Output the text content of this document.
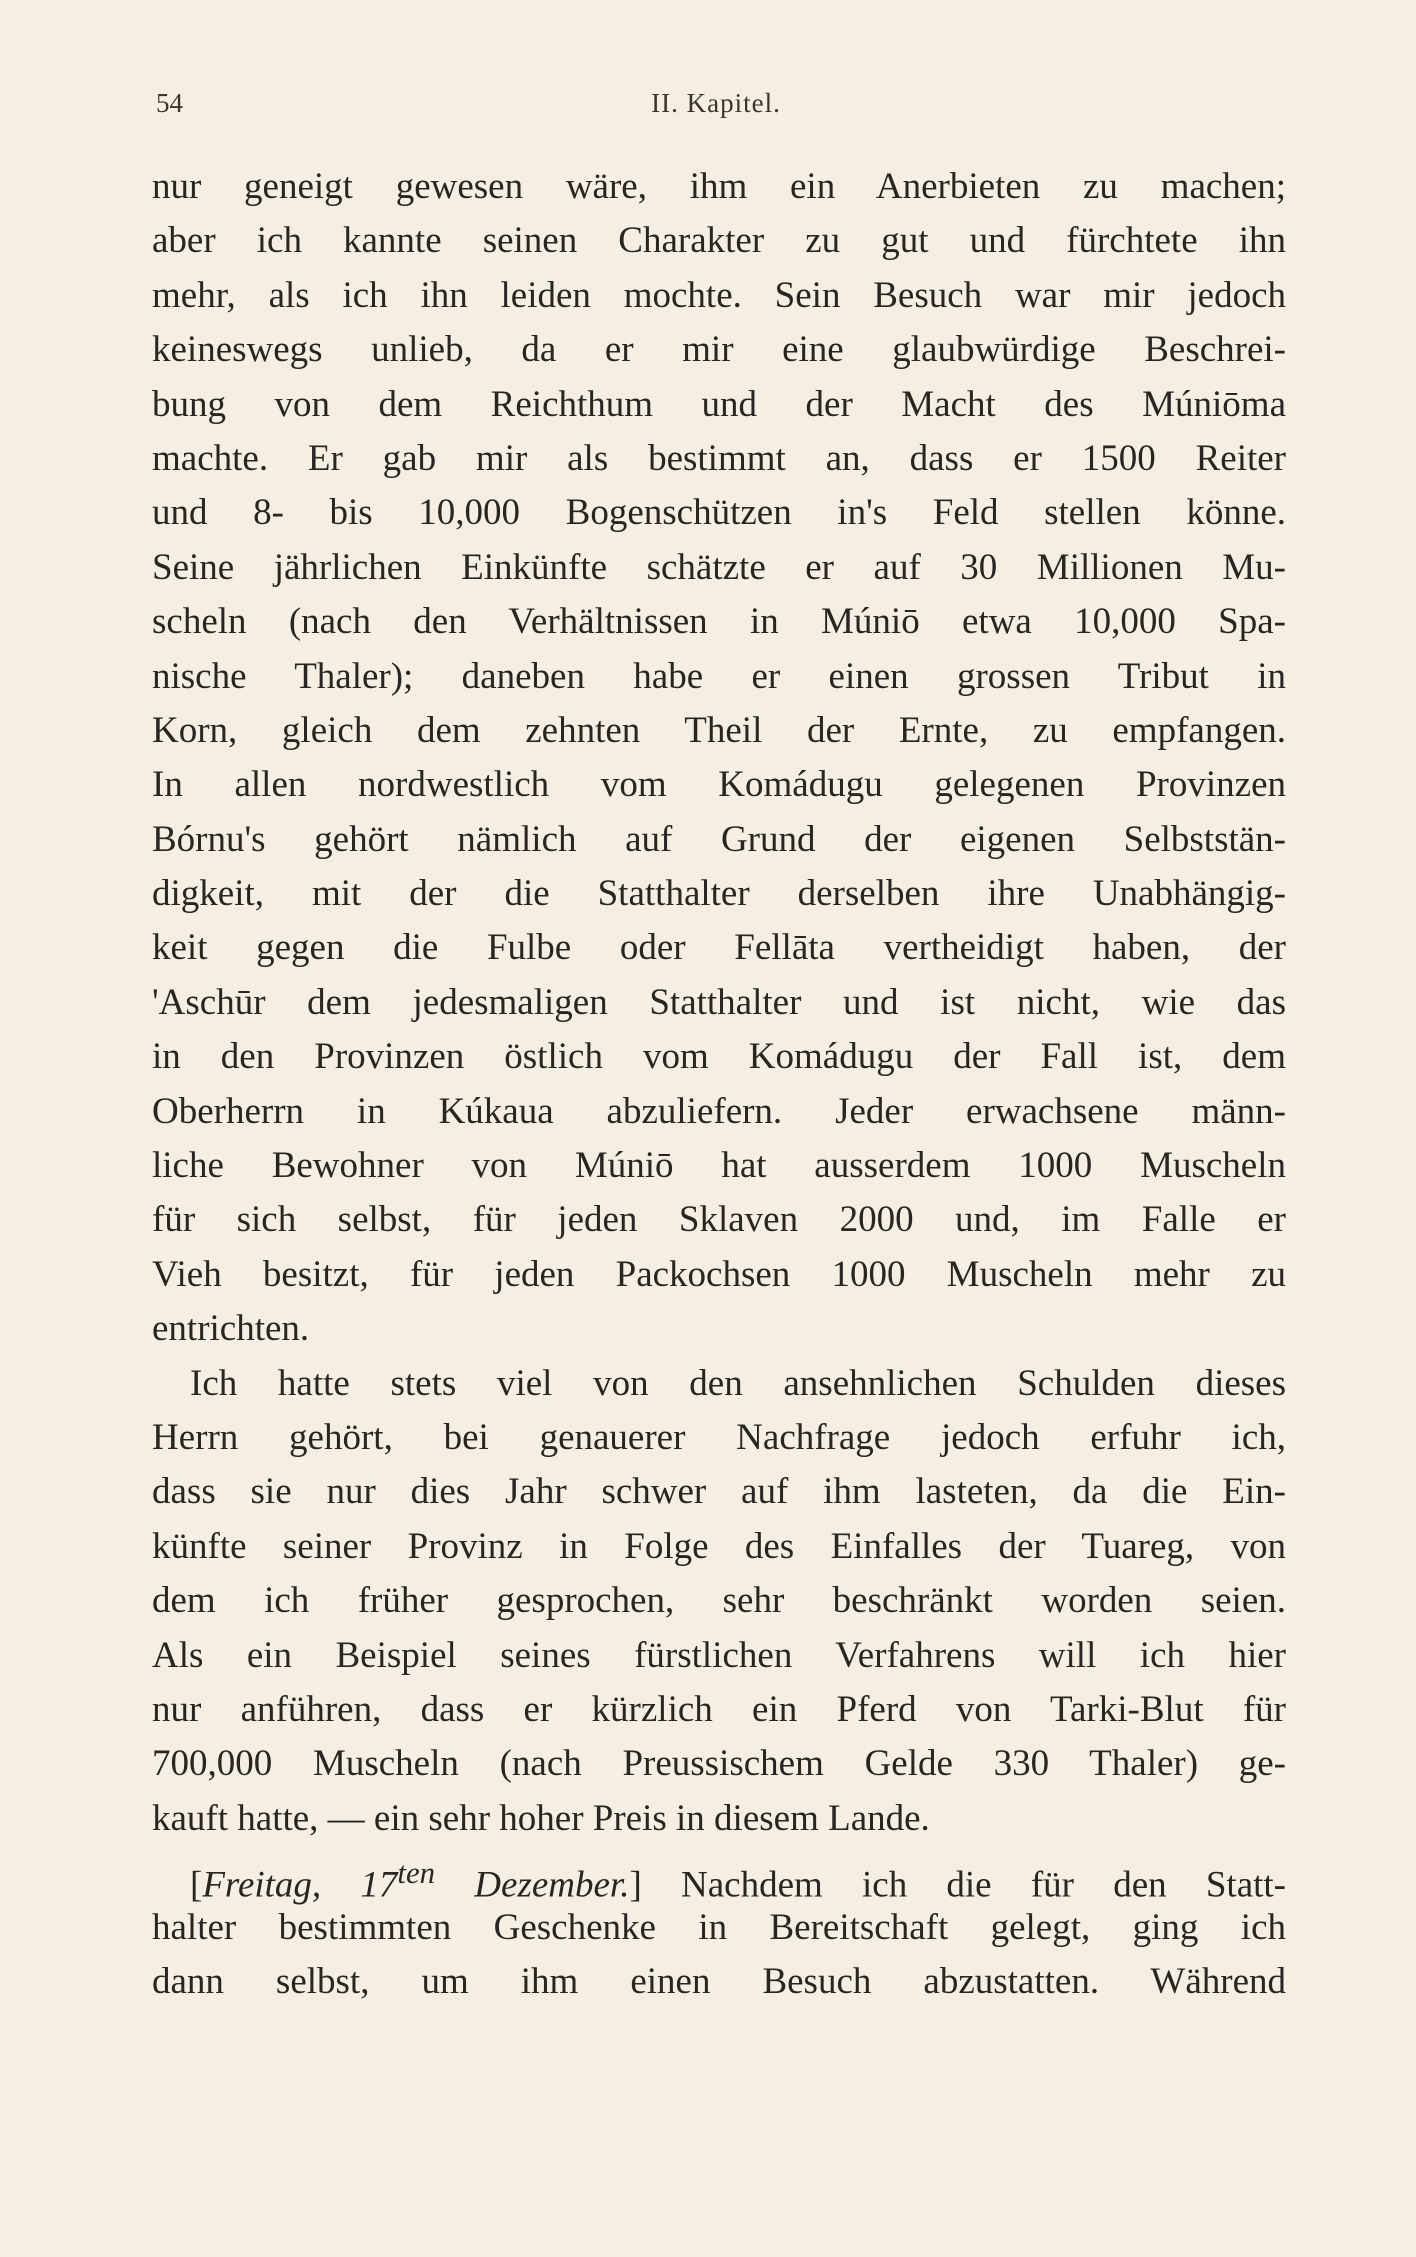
54	II. Kapitel.
nur geneigt gewesen wäre, ihm ein Anerbieten zu machen;
aber ich kannte seinen Charakter zu gut und fürchtete ihn
mehr, als ich ihn leiden mochte. Sein Besuch war mir jedoch
keineswegs unlieb, da er mir eine glaubwürdige Beschrei-
bung von dem Reichthum und der Macht des Múniōma
machte. Er gab mir als bestimmt an, dass er 1500 Reiter
und 8- bis 10,000 Bogenschützen in's Feld stellen könne.
Seine jährlichen Einkünfte schätzte er auf 30 Millionen Mu-
scheln (nach den Verhältnissen in Múniō etwa 10,000 Spa-
nische Thaler); daneben habe er einen grossen Tribut in
Korn, gleich dem zehnten Theil der Ernte, zu empfangen.
In allen nordwestlich vom Komádugu gelegenen Provinzen
Bórnu's gehört nämlich auf Grund der eigenen Selbststän-
digkeit, mit der die Statthalter derselben ihre Unabhängig-
keit gegen die Fulbe oder Fellāta vertheidigt haben, der
'Aschūr dem jedesmaligen Statthalter und ist nicht, wie das
in den Provinzen östlich vom Komádugu der Fall ist, dem
Oberherrn in Kúkaua abzuliefern. Jeder erwachsene männ-
liche Bewohner von Múniō hat ausserdem 1000 Muscheln
für sich selbst, für jeden Sklaven 2000 und, im Falle er
Vieh besitzt, für jeden Packochsen 1000 Muscheln mehr zu
entrichten.
Ich hatte stets viel von den ansehnlichen Schulden dieses
Herrn gehört, bei genauerer Nachfrage jedoch erfuhr ich,
dass sie nur dies Jahr schwer auf ihm lasteten, da die Ein-
künfte seiner Provinz in Folge des Einfalles der Tuareg, von
dem ich früher gesprochen, sehr beschränkt worden seien.
Als ein Beispiel seines fürstlichen Verfahrens will ich hier
nur anführen, dass er kürzlich ein Pferd von Tarki-Blut für
700,000 Muscheln (nach Preussischem Gelde 330 Thaler) ge-
kauft hatte, — ein sehr hoher Preis in diesem Lande.
[Freitag, 17$^{ten}$ Dezember.] Nachdem ich die für den Statt-
halter bestimmten Geschenke in Bereitschaft gelegt, ging ich
dann selbst, um ihm einen Besuch abzustatten. Während
